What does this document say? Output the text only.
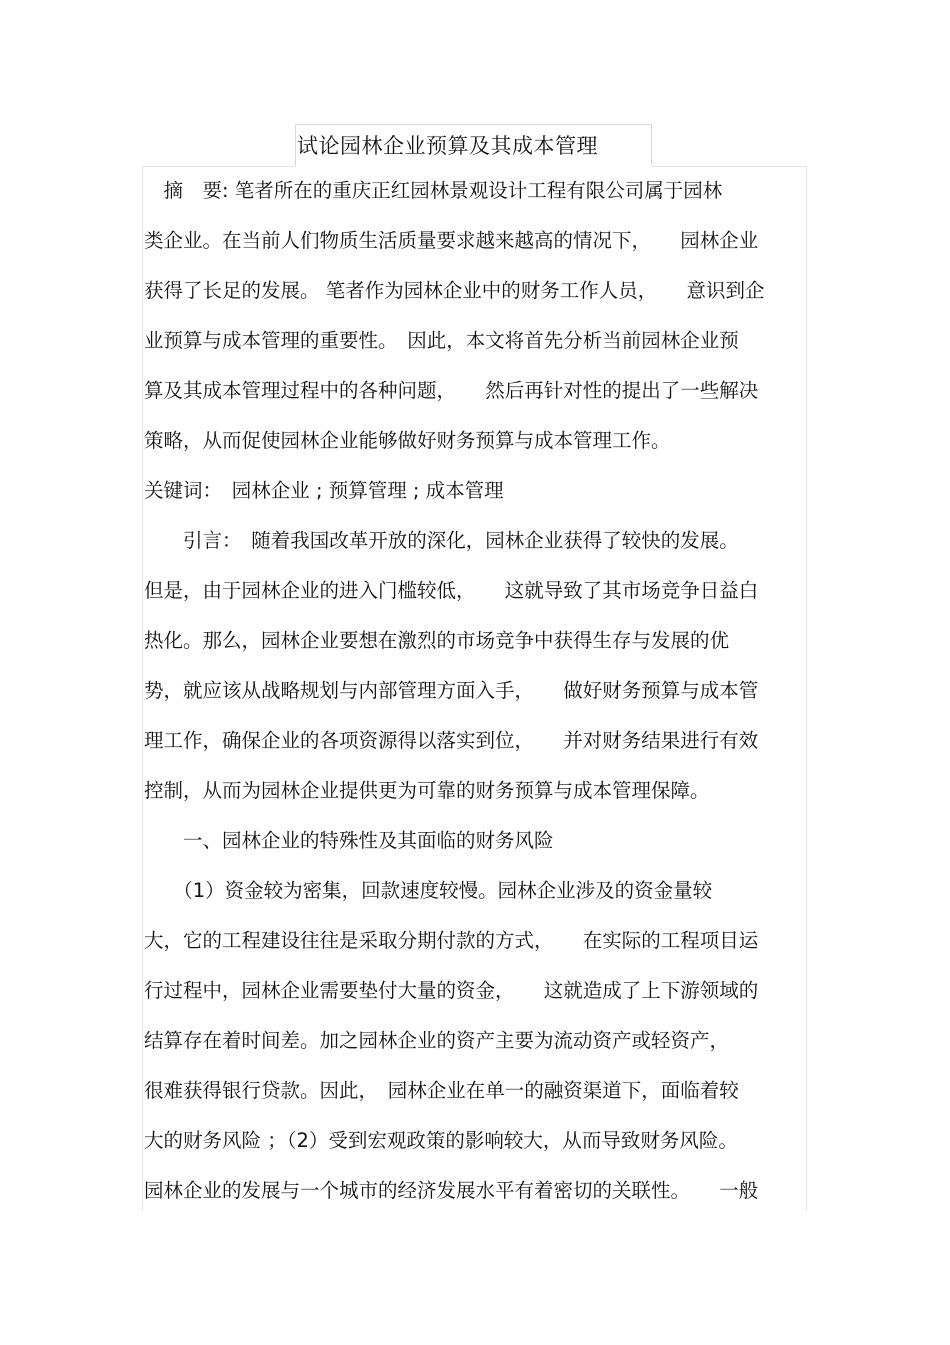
试论园林企业预算及其成本管理
　摘　要: 笔者所在的重庆正红园林景观设计工程有限公司属于园林
类企业。在当前人们物质生活质量要求越来越高的情况下，　　园林企业
获得了长足的发展。 笔者作为园林企业中的财务工作人员，　　意识到企
业预算与成本管理的重要性。　因此，本文将首先分析当前园林企业预
算及其成本管理过程中的各种问题，　　然后再针对性的提出了一些解决
策略，从而促使园林企业能够做好财务预算与成本管理工作。
关键词： 园林企业 ; 预算管理 ; 成本管理
　　引言： 随着我国改革开放的深化，园林企业获得了较快的发展。
但是，由于园林企业的进入门槛较低，　　这就导致了其市场竞争日益白
热化。那么，园林企业要想在激烈的市场竞争中获得生存与发展的优
势，就应该从战略规划与内部管理方面入手，　　做好财务预算与成本管
理工作，确保企业的各项资源得以落实到位，　　并对财务结果进行有效
控制，从而为园林企业提供更为可靠的财务预算与成本管理保障。
　　一、园林企业的特殊性及其面临的财务风险
　　（1）资金较为密集，回款速度较慢。园林企业涉及的资金量较
大，它的工程建设往往是采取分期付款的方式，　　在实际的工程项目运
行过程中，园林企业需要垫付大量的资金，　　这就造成了上下游领域的
结算存在着时间差。加之园林企业的资产主要为流动资产或轻资产，
很难获得银行贷款。因此，　园林企业在单一的融资渠道下，面临着较
大的财务风险 ；（2）受到宏观政策的影响较大，从而导致财务风险。
园林企业的发展与一个城市的经济发展水平有着密切的关联性。　　一般
